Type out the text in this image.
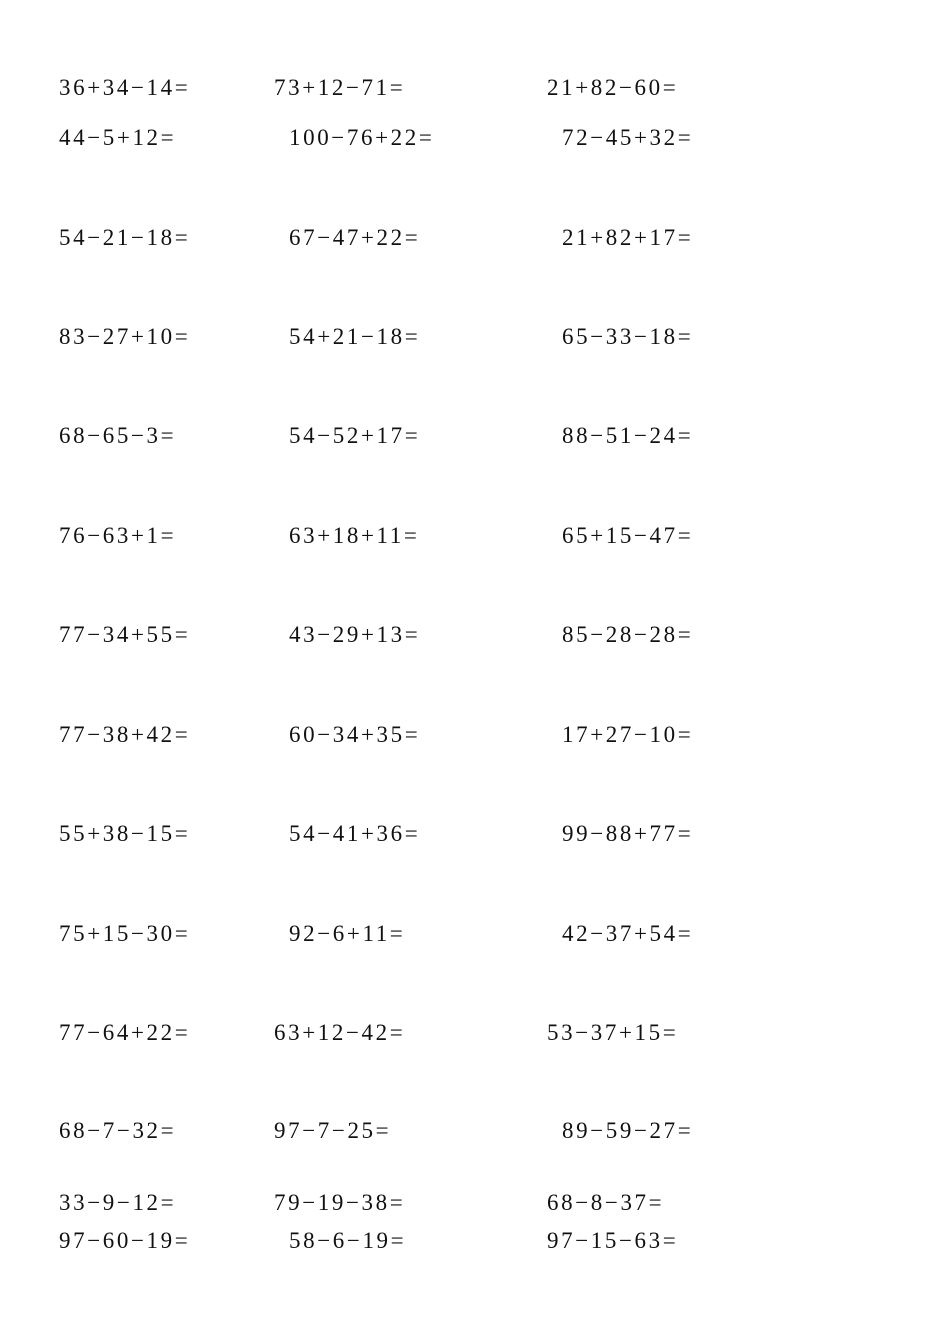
36+34−14=	73+12−71=	21+82−60=
44−5+12=	100−76+22=	72−45+32=
54−21−18=	67−47+22=	21+82+17=
83−27+10=	54+21−18=	65−33−18=
68−65−3=	54−52+17=	88−51−24=
76−63+1=	63+18+11=	65+15−47=
77−34+55=	43−29+13=	85−28−28=
77−38+42=	60−34+35=	17+27−10=
55+38−15=	54−41+36=	99−88+77=
75+15−30=	92−6+11=	42−37+54=
77−64+22=	63+12−42=	53−37+15=
68−7−32=	97−7−25=	89−59−27=
33−9−12=	79−19−38=	68−8−37=
97−60−19=	58−6−19=	97−15−63=
